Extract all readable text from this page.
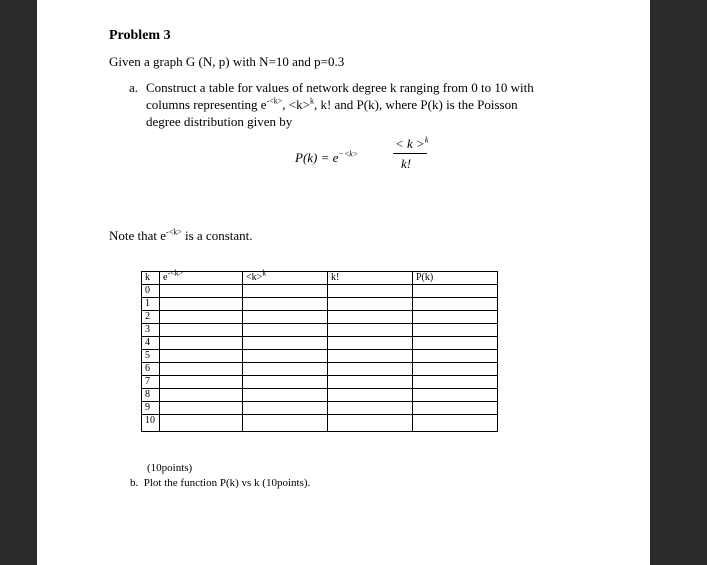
Problem 3
Given a graph G (N, p) with N=10 and p=0.3
a. Construct a table for values of network degree k ranging from 0 to 10 with
columns representing $e^{-<k>}$, <k>$^k$, k! and P(k), where P(k) is the Poisson
degree distribution given by
$P(k) = e^{-<k>}$
< k >$^k$
k!
Note that $e^{-<k>}$ is a constant.
k	$e^{-<k>}$	<k>$^k$	k!	P(k)
0				
1				
2				
3				
4				
5				
6				
7				
8				
9				
10				
(10points)
b. Plot the function P(k) vs k (10points).
